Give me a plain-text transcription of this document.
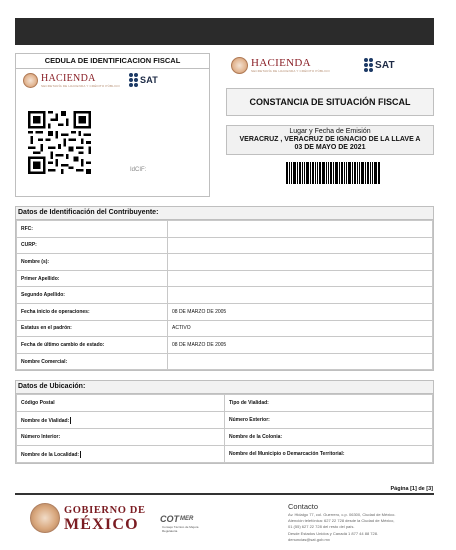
CEDULA DE IDENTIFICACION FISCAL
HACIENDA
SECRETARÍA DE HACIENDA Y CRÉDITO PÚBLICO
SAT
IdCIF:
HACIENDA
SECRETARÍA DE HACIENDA Y CRÉDITO PÚBLICO
SAT
CONSTANCIA DE SITUACIÓN FISCAL
Lugar y Fecha de Emisión
VERACRUZ , VERACRUZ DE IGNACIO DE LA LLAVE A
03 DE MAYO DE 2021
Datos de Identificación del Contribuyente:
RFC:	
CURP:	
Nombre (s):	
Primer Apellido:	
Segundo Apellido:	
Fecha inicio de operaciones:	08 DE MARZO DE 2005
Estatus en el padrón:	ACTIVO
Fecha de último cambio de estado:	08 DE MARZO DE 2005
Nombre Comercial:	
Datos de Ubicación:
Código Postal	Tipo de Vialidad:
Nombre de Vialidad:	Número Exterior:
Número Interior:	Nombre de la Colonia:
Nombre de la Localidad:	Nombre del Municipio o Demarcación Territorial:
Página [1] de [3]
GOBIERNO DE
MÉXICO	COT MER
Consejo Técnico de Mejora Regulatoria
Contacto
Av. Hidalgo 77, col. Guerrero, c.p. 06300, Ciudad de México.
Atención telefónica: 627 22 728 desde la Ciudad de México,
01 (55) 627 22 728 del resto del país.
Desde Estados Unidos y Canadá 1 877 44 88 728.
denuncias@sat.gob.mx
